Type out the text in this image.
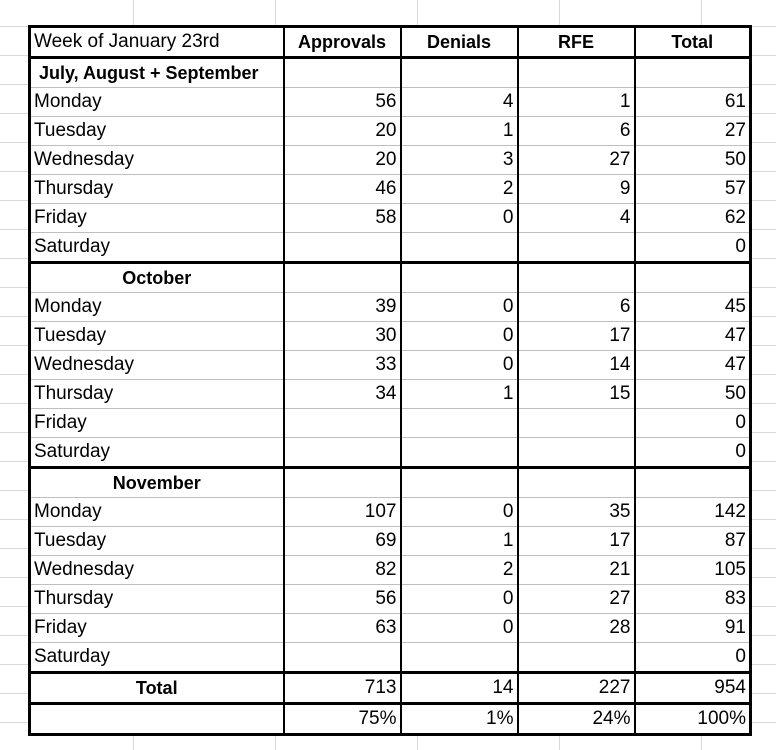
Week of January 23rd	Approvals	Denials	RFE	Total
July, August + September				
Monday	56	4	1	61
Tuesday	20	1	6	27
Wednesday	20	3	27	50
Thursday	46	2	9	57
Friday	58	0	4	62
Saturday				0
October				
Monday	39	0	6	45
Tuesday	30	0	17	47
Wednesday	33	0	14	47
Thursday	34	1	15	50
Friday				0
Saturday				0
November				
Monday	107	0	35	142
Tuesday	69	1	17	87
Wednesday	82	2	21	105
Thursday	56	0	27	83
Friday	63	0	28	91
Saturday				0
Total	713	14	227	954
	75%	1%	24%	100%
